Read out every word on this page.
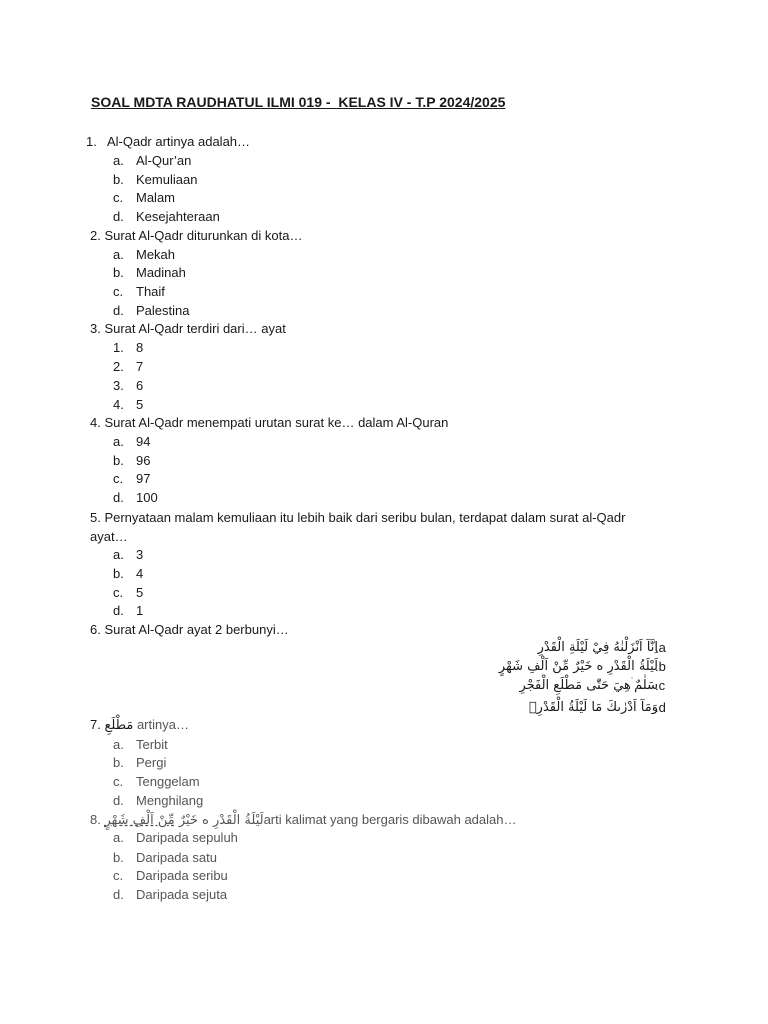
SOAL MDTA RAUDHATUL ILMI 019 -  KELAS IV - T.P 2024/2025
1.   Al-Qadr artinya adalah…
a. Al-Qur’an
b. Kemuliaan
c. Malam
d. Kesejahteraan
2. Surat Al-Qadr diturunkan di kota…
a. Mekah
b. Madinah
c. Thaif
d. Palestina
3. Surat Al-Qadr terdiri dari… ayat
1. 8
2. 7
3. 6
4. 5
4. Surat Al-Qadr menempati urutan surat ke… dalam Al-Quran
a. 94
b. 96
c. 97
d. 100
5. Pernyataan malam kemuliaan itu lebih baik dari seribu bulan, terdapat dalam surat al-Qadr
ayat…
a. 3
b. 4
c. 5
d. 1
6. Surat Al-Qadr ayat 2 berbunyi…
اِنَّآ اَنْزَلْنٰهُ فِيْ لَيْلَةِ الْقَدْرِ
.a
لَيْلَةُ الْقَدْرِ ە خَيْرٌ مِّنْ اَلْفِ شَهْرٍ
.b
سَلٰمٌ ۛهِيَ حَتّٰى مَطْلَعِ الْفَجْرِ
.c
وَمَآ اَدْرٰىكَ مَا لَيْلَةُ الْقَدْرِۗ
.d
7. مَطْلَعِ artinya…
a. Terbit
b. Pergi
c. Tenggelam
d. Menghilang
8.	لَيْلَةُ الْقَدْرِ ە خَيْرٌ مِّنْ اَلْفِ شَهْرٍ	arti kalimat yang bergaris dibawah adalah…
a. Daripada sepuluh
b. Daripada satu
c. Daripada seribu
d. Daripada sejuta
